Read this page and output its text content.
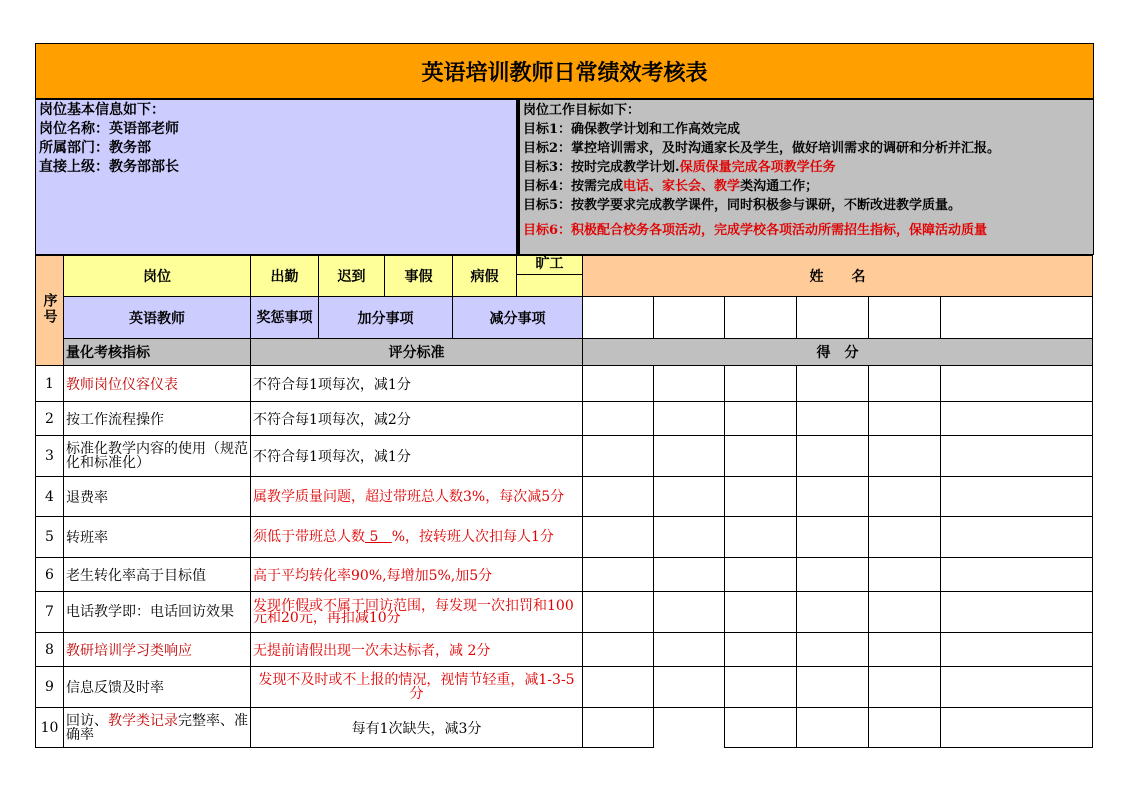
英语培训教师日常绩效考核表
岗位基本信息如下：
岗位名称：英语部老师
所属部门：教务部
直接上级：教务部部长
岗位工作目标如下：
目标1：确保教学计划和工作高效完成
目标2：掌控培训需求，及时沟通家长及学生，做好培训需求的调研和分析并汇报。
目标3：按时完成教学计划.保质保量完成各项教学任务
目标4：按需完成电话、家长会、教学类沟通工作；
目标5：按教学要求完成教学课件，同时积极参与课研，不断改进教学质量。
目标6：积极配合校务各项活动，完成学校各项活动所需招生指标，保障活动质量
序号	岗位	出勤	迟到	事假	病假	旷工	姓　　名					
	英语教师	奖惩事项	加分事项		减分事项							
	量化考核指标	评分标准					得　分					
1	教师岗位仪容仪表	不符合每1项每次，减1分										
2	按工作流程操作	不符合每1项每次，减2分										
3	标准化教学内容的使用（规范化和标准化）	不符合每1项每次，减1分										
4	退费率	属教学质量问题，超过带班总人数3%，每次减5分										
5	转班率	须低于带班总人数 5   %，按转班人次扣每人1分										
6	老生转化率高于目标值	高于平均转化率90%,每增加5%,加5分										
7	电话教学即：电话回访效果	发现作假或不属于回访范围，每发现一次扣罚和100元和20元，再扣减10分										
8	教研培训学习类响应	无提前请假出现一次未达标者，减 2分										
9	信息反馈及时率	发现不及时或不上报的情况，视情节轻重，减1-3-5分										
10	回访、教学类记录完整率、准确率	每有1次缺失，减3分										
